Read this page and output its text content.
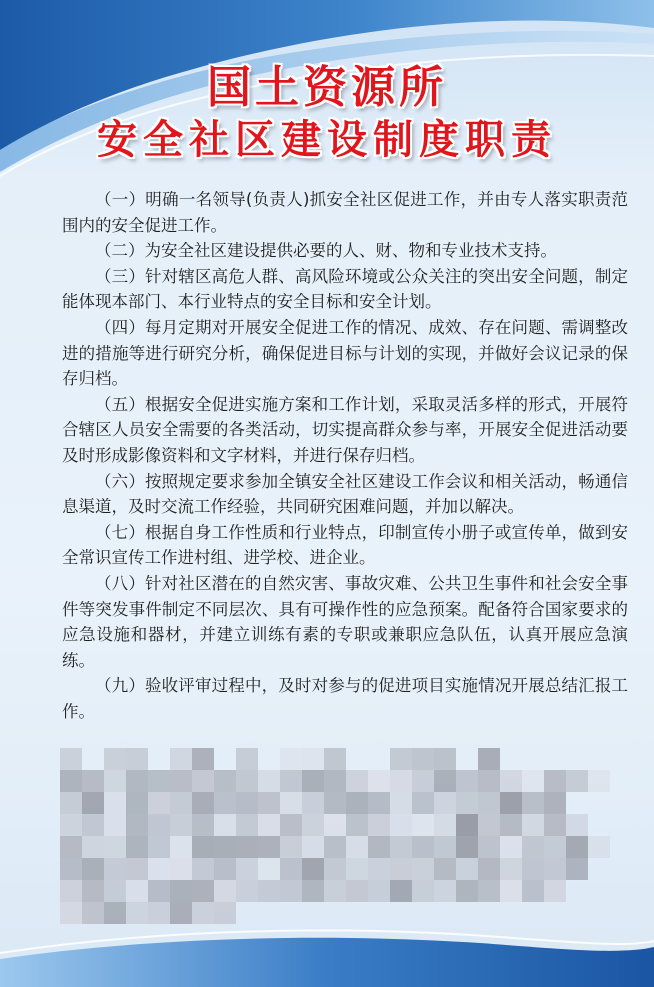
国土资源所
安全社区建设制度职责

（一）明确一名领导(负责人)抓安全社区促进工作，并由专人落实职责范围内的安全促进工作。

（二）为安全社区建设提供必要的人、财、物和专业技术支持。

（三）针对辖区高危人群、高风险环境或公众关注的突出安全问题，制定能体现本部门、本行业特点的安全目标和安全计划。

（四）每月定期对开展安全促进工作的情况、成效、存在问题、需调整改进的措施等进行研究分析，确保促进目标与计划的实现，并做好会议记录的保存归档。

（五）根据安全促进实施方案和工作计划，采取灵活多样的形式，开展符合辖区人员安全需要的各类活动，切实提高群众参与率，开展安全促进活动要及时形成影像资料和文字材料，并进行保存归档。

（六）按照规定要求参加全镇安全社区建设工作会议和相关活动，畅通信息渠道，及时交流工作经验，共同研究困难问题，并加以解决。

（七）根据自身工作性质和行业特点，印制宣传小册子或宣传单，做到安全常识宣传工作进村组、进学校、进企业。

（八）针对社区潜在的自然灾害、事故灾难、公共卫生事件和社会安全事件等突发事件制定不同层次、具有可操作性的应急预案。配备符合国家要求的应急设施和器材，并建立训练有素的专职或兼职应急队伍，认真开展应急演练。

（九）验收评审过程中，及时对参与的促进项目实施情况开展总结汇报工作。
